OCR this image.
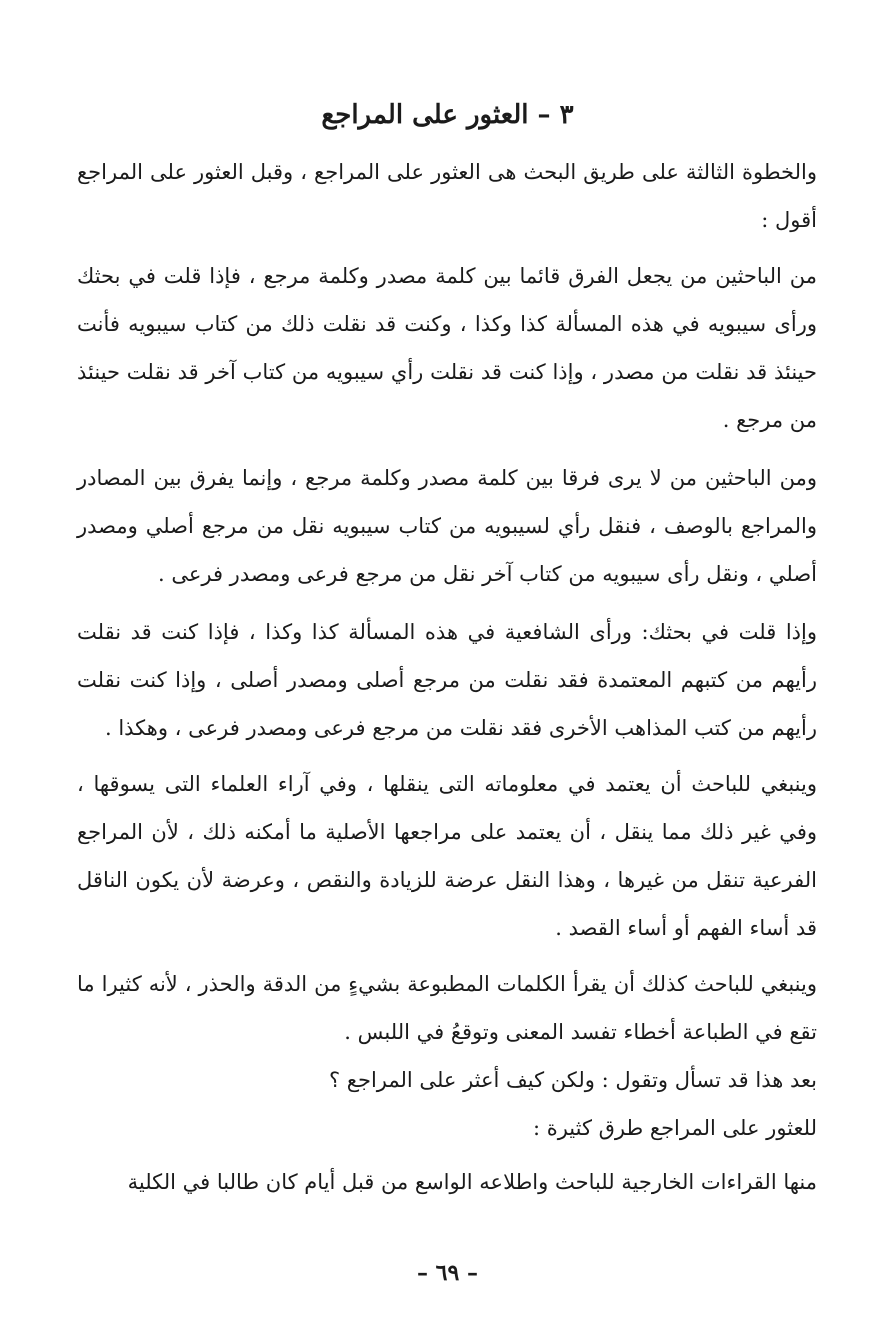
٣ – العثور على المراجع

والخطوة الثالثة على طريق البحث هى العثور على المراجع ، وقبل العثور على المراجع أقول :

من الباحثين من يجعل الفرق قائما بين كلمة مصدر وكلمة مرجع ، فإذا قلت في بحثك ورأى سيبويه في هذه المسألة كذا وكذا ، وكنت قد نقلت ذلك من كتاب سيبويه فأنت حينئذ قد نقلت من مصدر ، وإذا كنت قد نقلت رأي سيبويه من كتاب آخر قد نقلت حينئذ من مرجع .

ومن الباحثين من لا يرى فرقا بين كلمة مصدر وكلمة مرجع ، وإنما يفرق بين المصادر والمراجع بالوصف ، فنقل رأي لسيبويه من كتاب سيبويه نقل من مرجع أصلي ومصدر أصلي ، ونقل رأى سيبويه من كتاب آخر نقل من مرجع فرعى ومصدر فرعى .

وإذا قلت في بحثك: ورأى الشافعية في هذه المسألة كذا وكذا ، فإذا كنت قد نقلت رأيهم من كتبهم المعتمدة فقد نقلت من مرجع أصلى ومصدر أصلى ، وإذا كنت نقلت رأيهم من كتب المذاهب الأخرى فقد نقلت من مرجع فرعى ومصدر فرعى ، وهكذا .

وينبغي للباحث أن يعتمد في معلوماته التى ينقلها ، وفي آراء العلماء التى يسوقها ، وفي غير ذلك مما ينقل ، أن يعتمد على مراجعها الأصلية ما أمكنه ذلك ، لأن المراجع الفرعية تنقل من غيرها ، وهذا النقل عرضة للزيادة والنقص ، وعرضة لأن يكون الناقل قد أساء الفهم أو أساء القصد .

وينبغي للباحث كذلك أن يقرأ الكلمات المطبوعة بشيءٍ من الدقة والحذر ، لأنه كثيرا ما تقع في الطباعة أخطاء تفسد المعنى وتوقعُ في اللبس .

بعد هذا قد تسأل وتقول : ولكن كيف أعثر على المراجع ؟

للعثور على المراجع طرق كثيرة :

منها القراءات الخارجية للباحث واطلاعه الواسع من قبل أيام كان طالبا في الكلية

– ٦٩ –
